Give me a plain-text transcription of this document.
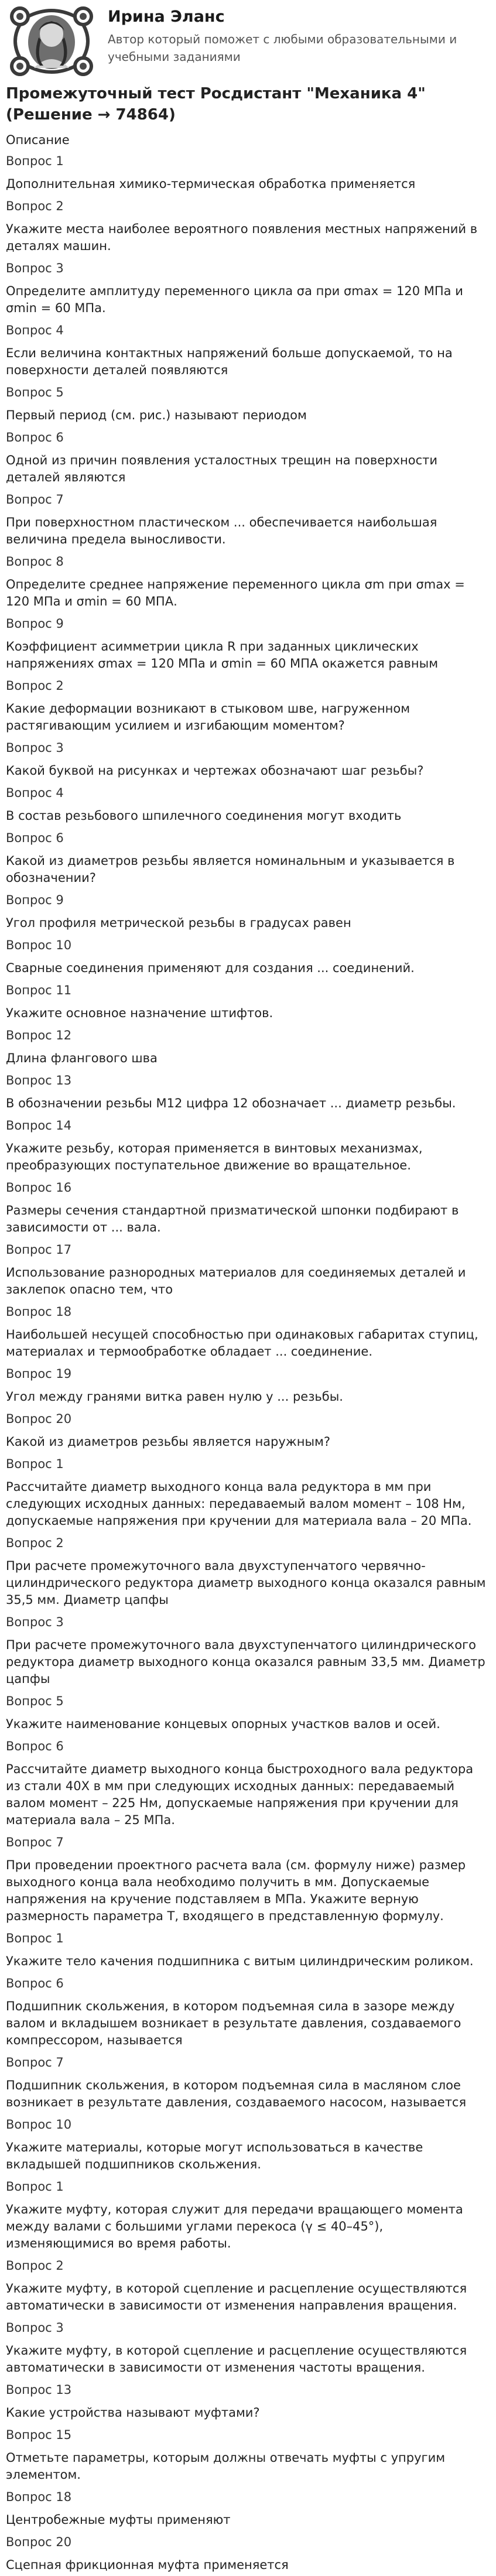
Ирина Эланс
Автор который поможет с любыми образовательными и учебными заданиями
Промежуточный тест Росдистант "Механика 4" (Решение → 74864)
Описание
Вопрос 1
Дополнительная химико-термическая обработка применяется
Вопрос 2
Укажите места наиболее вероятного появления местных напряжений в деталях машин.
Вопрос 3
Определите амплитуду переменного цикла σa при σmax = 120 МПа и σmin = 60 МПа.
Вопрос 4
Если величина контактных напряжений больше допускаемой, то на поверхности деталей появляются
Вопрос 5
Первый период (см. рис.) называют периодом
Вопрос 6
Одной из причин появления усталостных трещин на поверхности деталей являются
Вопрос 7
При поверхностном пластическом ... обеспечивается наибольшая величина предела выносливости.
Вопрос 8
Определите среднее напряжение переменного цикла σm при σmax = 120 МПа и σmin = 60 МПА.
Вопрос 9
Коэффициент асимметрии цикла R при заданных циклических напряжениях σmax = 120 МПа и σmin = 60 МПА окажется равным
Вопрос 2
Какие деформации возникают в стыковом шве, нагруженном растягивающим усилием и изгибающим моментом?
Вопрос 3
Какой буквой на рисунках и чертежах обозначают шаг резьбы?
Вопрос 4
В состав резьбового шпилечного соединения могут входить
Вопрос 6
Какой из диаметров резьбы является номинальным и указывается в обозначении?
Вопрос 9
Угол профиля метрической резьбы в градусах равен
Вопрос 10
Сварные соединения применяют для создания ... соединений.
Вопрос 11
Укажите основное назначение штифтов.
Вопрос 12
Длина флангового шва
Вопрос 13
В обозначении резьбы М12 цифра 12 обозначает ... диаметр резьбы.
Вопрос 14
Укажите резьбу, которая применяется в винтовых механизмах, преобразующих поступательное движение во вращательное.
Вопрос 16
Размеры сечения стандартной призматической шпонки подбирают в зависимости от ... вала.
Вопрос 17
Использование разнородных материалов для соединяемых деталей и заклепок опасно тем, что
Вопрос 18
Наибольшей несущей способностью при одинаковых габаритах ступиц, материалах и термообработке обладает ... соединение.
Вопрос 19
Угол между гранями витка равен нулю у ... резьбы.
Вопрос 20
Какой из диаметров резьбы является наружным?
Вопрос 1
Рассчитайте диаметр выходного конца вала редуктора в мм при следующих исходных данных: передаваемый валом момент – 108 Нм, допускаемые напряжения при кручении для материала вала – 20 МПа.
Вопрос 2
При расчете промежуточного вала двухступенчатого червячно-цилиндрического редуктора диаметр выходного конца оказался равным 35,5 мм. Диаметр цапфы
Вопрос 3
При расчете промежуточного вала двухступенчатого цилиндрического редуктора диаметр выходного конца оказался равным 33,5 мм. Диаметр цапфы
Вопрос 5
Укажите наименование концевых опорных участков валов и осей.
Вопрос 6
Рассчитайте диаметр выходного конца быстроходного вала редуктора из стали 40Х в мм при следующих исходных данных: передаваемый валом момент – 225 Нм, допускаемые напряжения при кручении для материала вала – 25 МПа.
Вопрос 7
При проведении проектного расчета вала (см. формулу ниже) размер выходного конца вала необходимо получить в мм. Допускаемые напряжения на кручение подставляем в МПа. Укажите верную размерность параметра Т, входящего в представленную формулу.
Вопрос 1
Укажите тело качения подшипника с витым цилиндрическим роликом.
Вопрос 6
Подшипник скольжения, в котором подъемная сила в зазоре между валом и вкладышем возникает в результате давления, создаваемого компрессором, называется
Вопрос 7
Подшипник скольжения, в котором подъемная сила в масляном слое возникает в результате давления, создаваемого насосом, называется
Вопрос 10
Укажите материалы, которые могут использоваться в качестве вкладышей подшипников скольжения.
Вопрос 1
Укажите муфту, которая служит для передачи вращающего момента между валами с большими углами перекоса (γ ≤ 40–45°), изменяющимися во время работы.
Вопрос 2
Укажите муфту, в которой сцепление и расцепление осуществляются автоматически в зависимости от изменения направления вращения.
Вопрос 3
Укажите муфту, в которой сцепление и расцепление осуществляются автоматически в зависимости от изменения частоты вращения.
Вопрос 13
Какие устройства называют муфтами?
Вопрос 15
Отметьте параметры, которым должны отвечать муфты с упругим элементом.
Вопрос 18
Центробежные муфты применяют
Вопрос 20
Сцепная фрикционная муфта применяется
